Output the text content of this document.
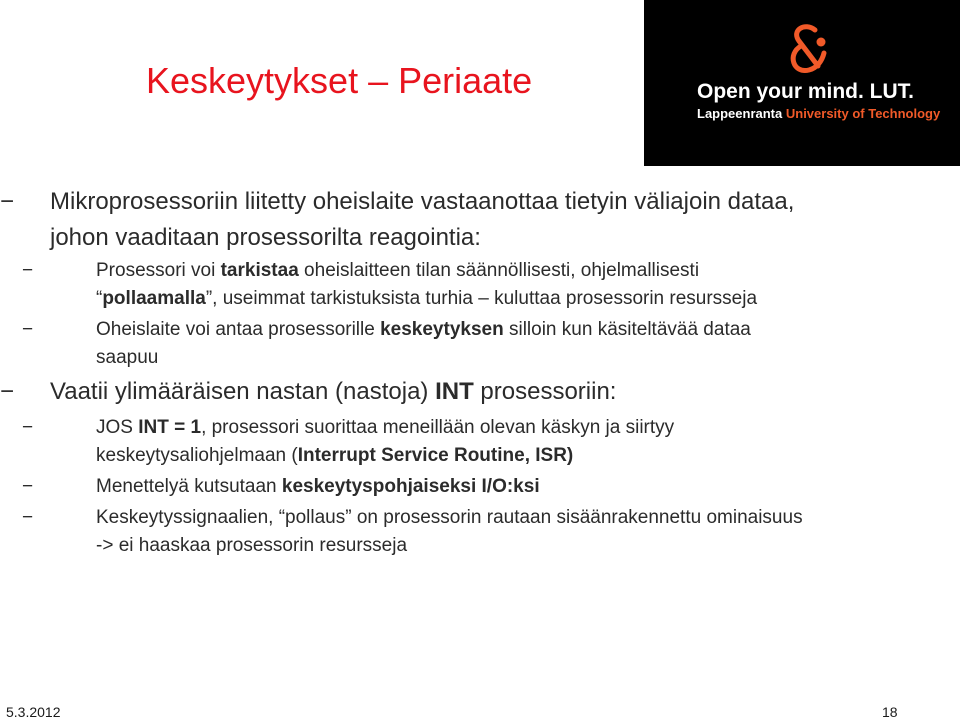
Keskeytykset – Periaate	Open your mind. LUT.
Lappeenranta University of Technology
− Mikroprosessoriin liitetty oheislaite vastaanottaa tietyin väliajoin dataa,
johon vaaditaan prosessorilta reagointia:
−	Prosessori voi tarkistaa oheislaitteen tilan säännöllisesti, ohjelmallisesti
“pollaamalla”, useimmat tarkistuksista turhia – kuluttaa prosessorin resursseja
−	Oheislaite voi antaa prosessorille keskeytyksen silloin kun käsiteltävää dataa
saapuu
− Vaatii ylimääräisen nastan (nastoja) INT prosessoriin:
−	JOS INT = 1, prosessori suorittaa meneillään olevan käskyn ja siirtyy
keskeytysaliohjelmaan (Interrupt Service Routine, ISR)
−	Menettelyä kutsutaan keskeytyspohjaiseksi I/O:ksi
−	Keskeytyssignaalien, “pollaus” on prosessorin rautaan sisäänrakennettu ominaisuus
-> ei haaskaa prosessorin resursseja
5.3.2012	18
